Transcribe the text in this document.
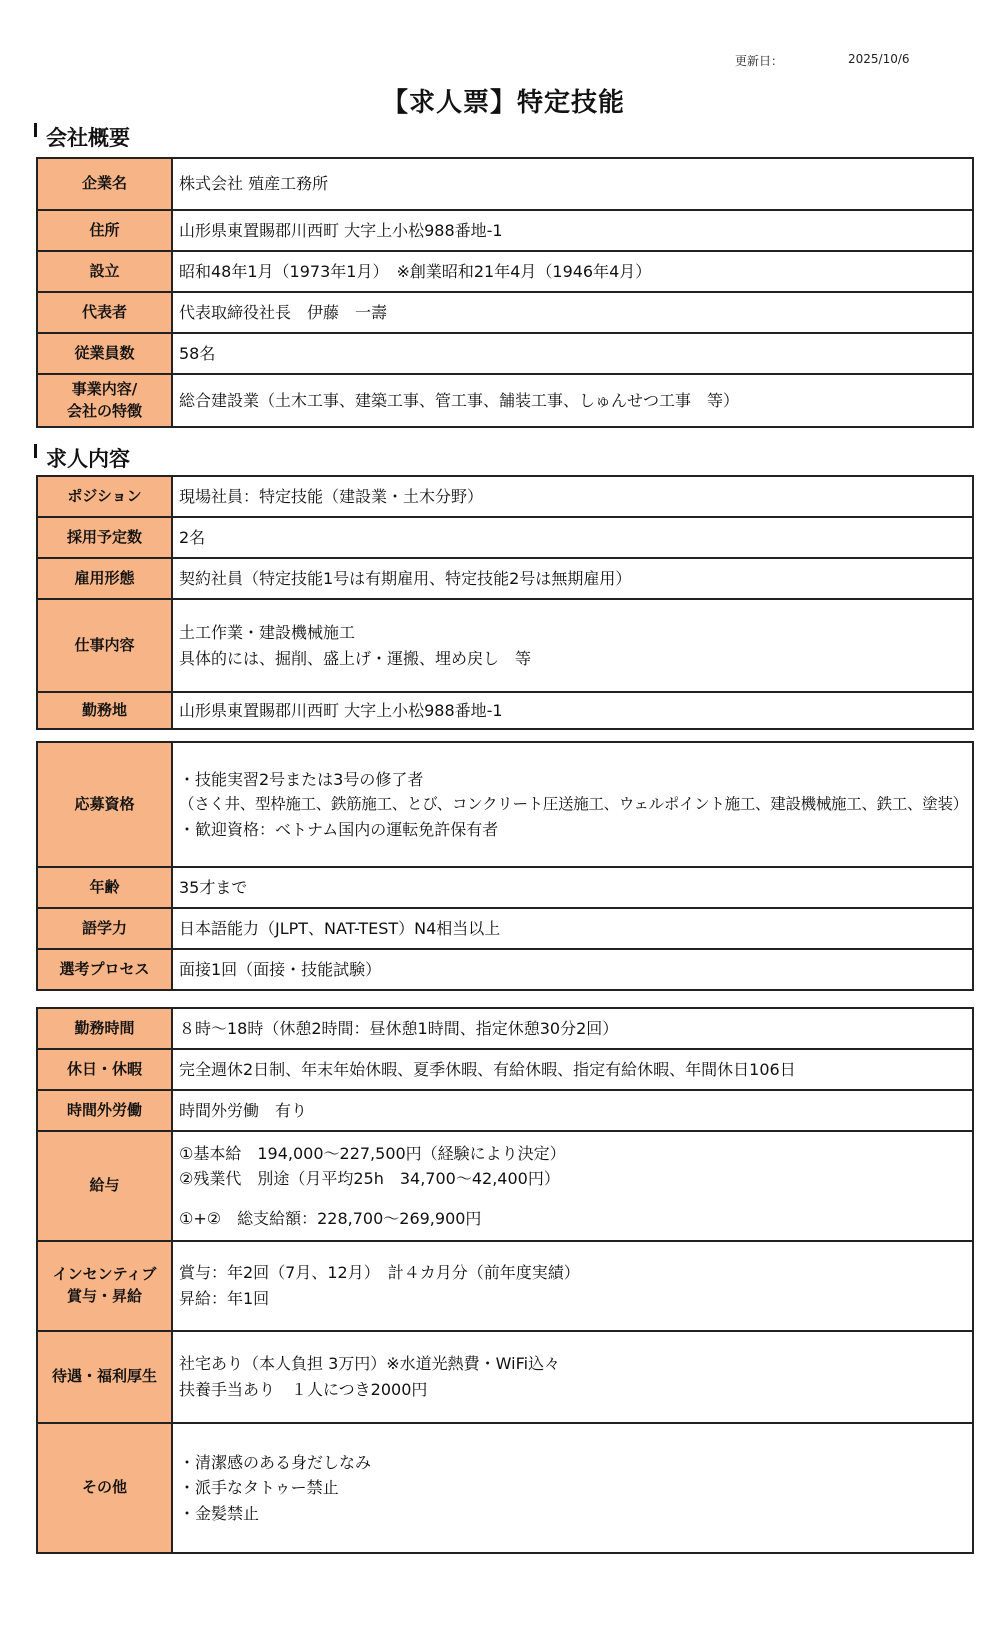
更新日：	2025/10/6
【求人票】特定技能
会社概要
企業名	株式会社 殖産工務所
住所	山形県東置賜郡川西町 大字上小松988番地-1
設立	昭和48年1月（1973年1月）　※創業昭和21年4月（1946年4月）
代表者	代表取締役社長　伊藤　一壽
従業員数	58名

事業内容/
会社の特徴	総合建設業（土木工事、建築工事、管工事、舗装工事、しゅんせつ工事　等）
求人内容
ポジション	現場社員：特定技能（建設業・土木分野）
採用予定数	2名
雇用形態	契約社員（特定技能1号は有期雇用、特定技能2号は無期雇用）
仕事内容	土工作業・建設機械施工
具体的には、掘削、盛上げ・運搬、埋め戻し　等

勤務地	山形県東置賜郡川西町 大字上小松988番地-1
応募資格	・技能実習2号または3号の修了者
（さく井、型枠施工、鉄筋施工、とび、コンクリート圧送施工、ウェルポイント施工、建設機械施工、鉄工、塗装）
・歓迎資格：ベトナム国内の運転免許保有者

年齢	35才まで
語学力	日本語能力（JLPT、NAT-TEST）N4相当以上
選考プロセス	面接1回（面接・技能試験）
勤務時間	８時～18時（休憩2時間：昼休憩1時間、指定休憩30分2回）
休日・休暇	完全週休2日制、年末年始休暇、夏季休暇、有給休暇、指定有給休暇、年間休日106日
時間外労働	時間外労働　有り
給与	①基本給　194,000～227,500円（経験により決定）
②残業代　別途（月平均25h　34,700～42,400円）
①+②　総支給額：228,700～269,900円

インセンティブ
賞与・昇給	賞与：年2回（7月、12月）　計４カ月分（前年度実績）
昇給：年1回

待遇・福利厚生	社宅あり（本人負担 3万円）※水道光熱費・WiFi込々
扶養手当あり　１人につき2000円

その他	・清潔感のある身だしなみ
・派手なタトゥー禁止
・金髪禁止
